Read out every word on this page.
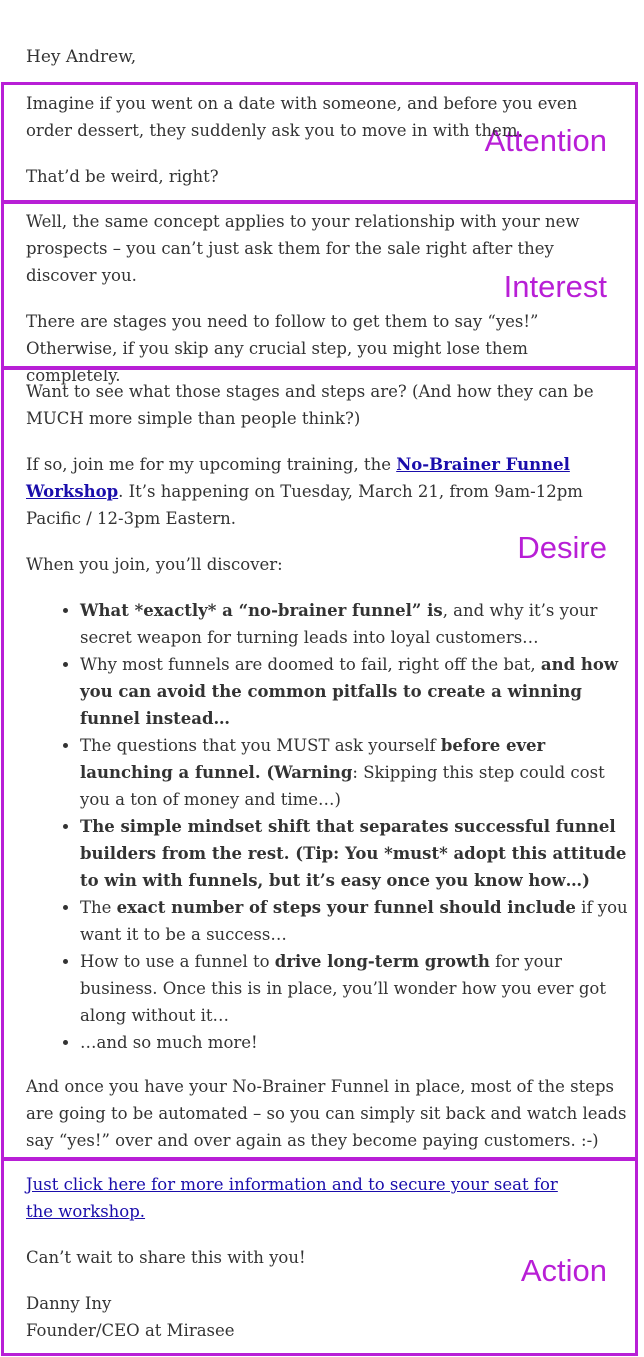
Hey Andrew,
Attention

Imagine if you went on a date with someone, and before you even order dessert, they suddenly ask you to move in with them.

That’d be weird, right?

Interest

Well, the same concept applies to your relationship with your new prospects – you can’t just ask them for the sale right after they discover you.

There are stages you need to follow to get them to say “yes!” Otherwise, if you skip any crucial step, you might lose them completely.

Desire

Want to see what those stages and steps are? (And how they can be MUCH more simple than people think?)

If so, join me for my upcoming training, the No-Brainer Funnel Workshop. It’s happening on Tuesday, March 21, from 9am-12pm Pacific / 12-3pm Eastern.

When you join, you’ll discover:

• What *exactly* a “no-brainer funnel” is, and why it’s your secret weapon for turning leads into loyal customers…
• Why most funnels are doomed to fail, right off the bat, and how you can avoid the common pitfalls to create a winning funnel instead…
• The questions that you MUST ask yourself before ever launching a funnel. (Warning: Skipping this step could cost you a ton of money and time…)
• The simple mindset shift that separates successful funnel builders from the rest. (Tip: You *must* adopt this attitude to win with funnels, but it’s easy once you know how…)
• The exact number of steps your funnel should include if you want it to be a success…
• How to use a funnel to drive long-term growth for your business. Once this is in place, you’ll wonder how you ever got along without it…
• …and so much more!

And once you have your No-Brainer Funnel in place, most of the steps are going to be automated – so you can simply sit back and watch leads say “yes!” over and over again as they become paying customers. :-)

Action

Just click here for more information and to secure your seat for the workshop.

Can’t wait to share this with you!

Danny Iny
Founder/CEO at Mirasee
